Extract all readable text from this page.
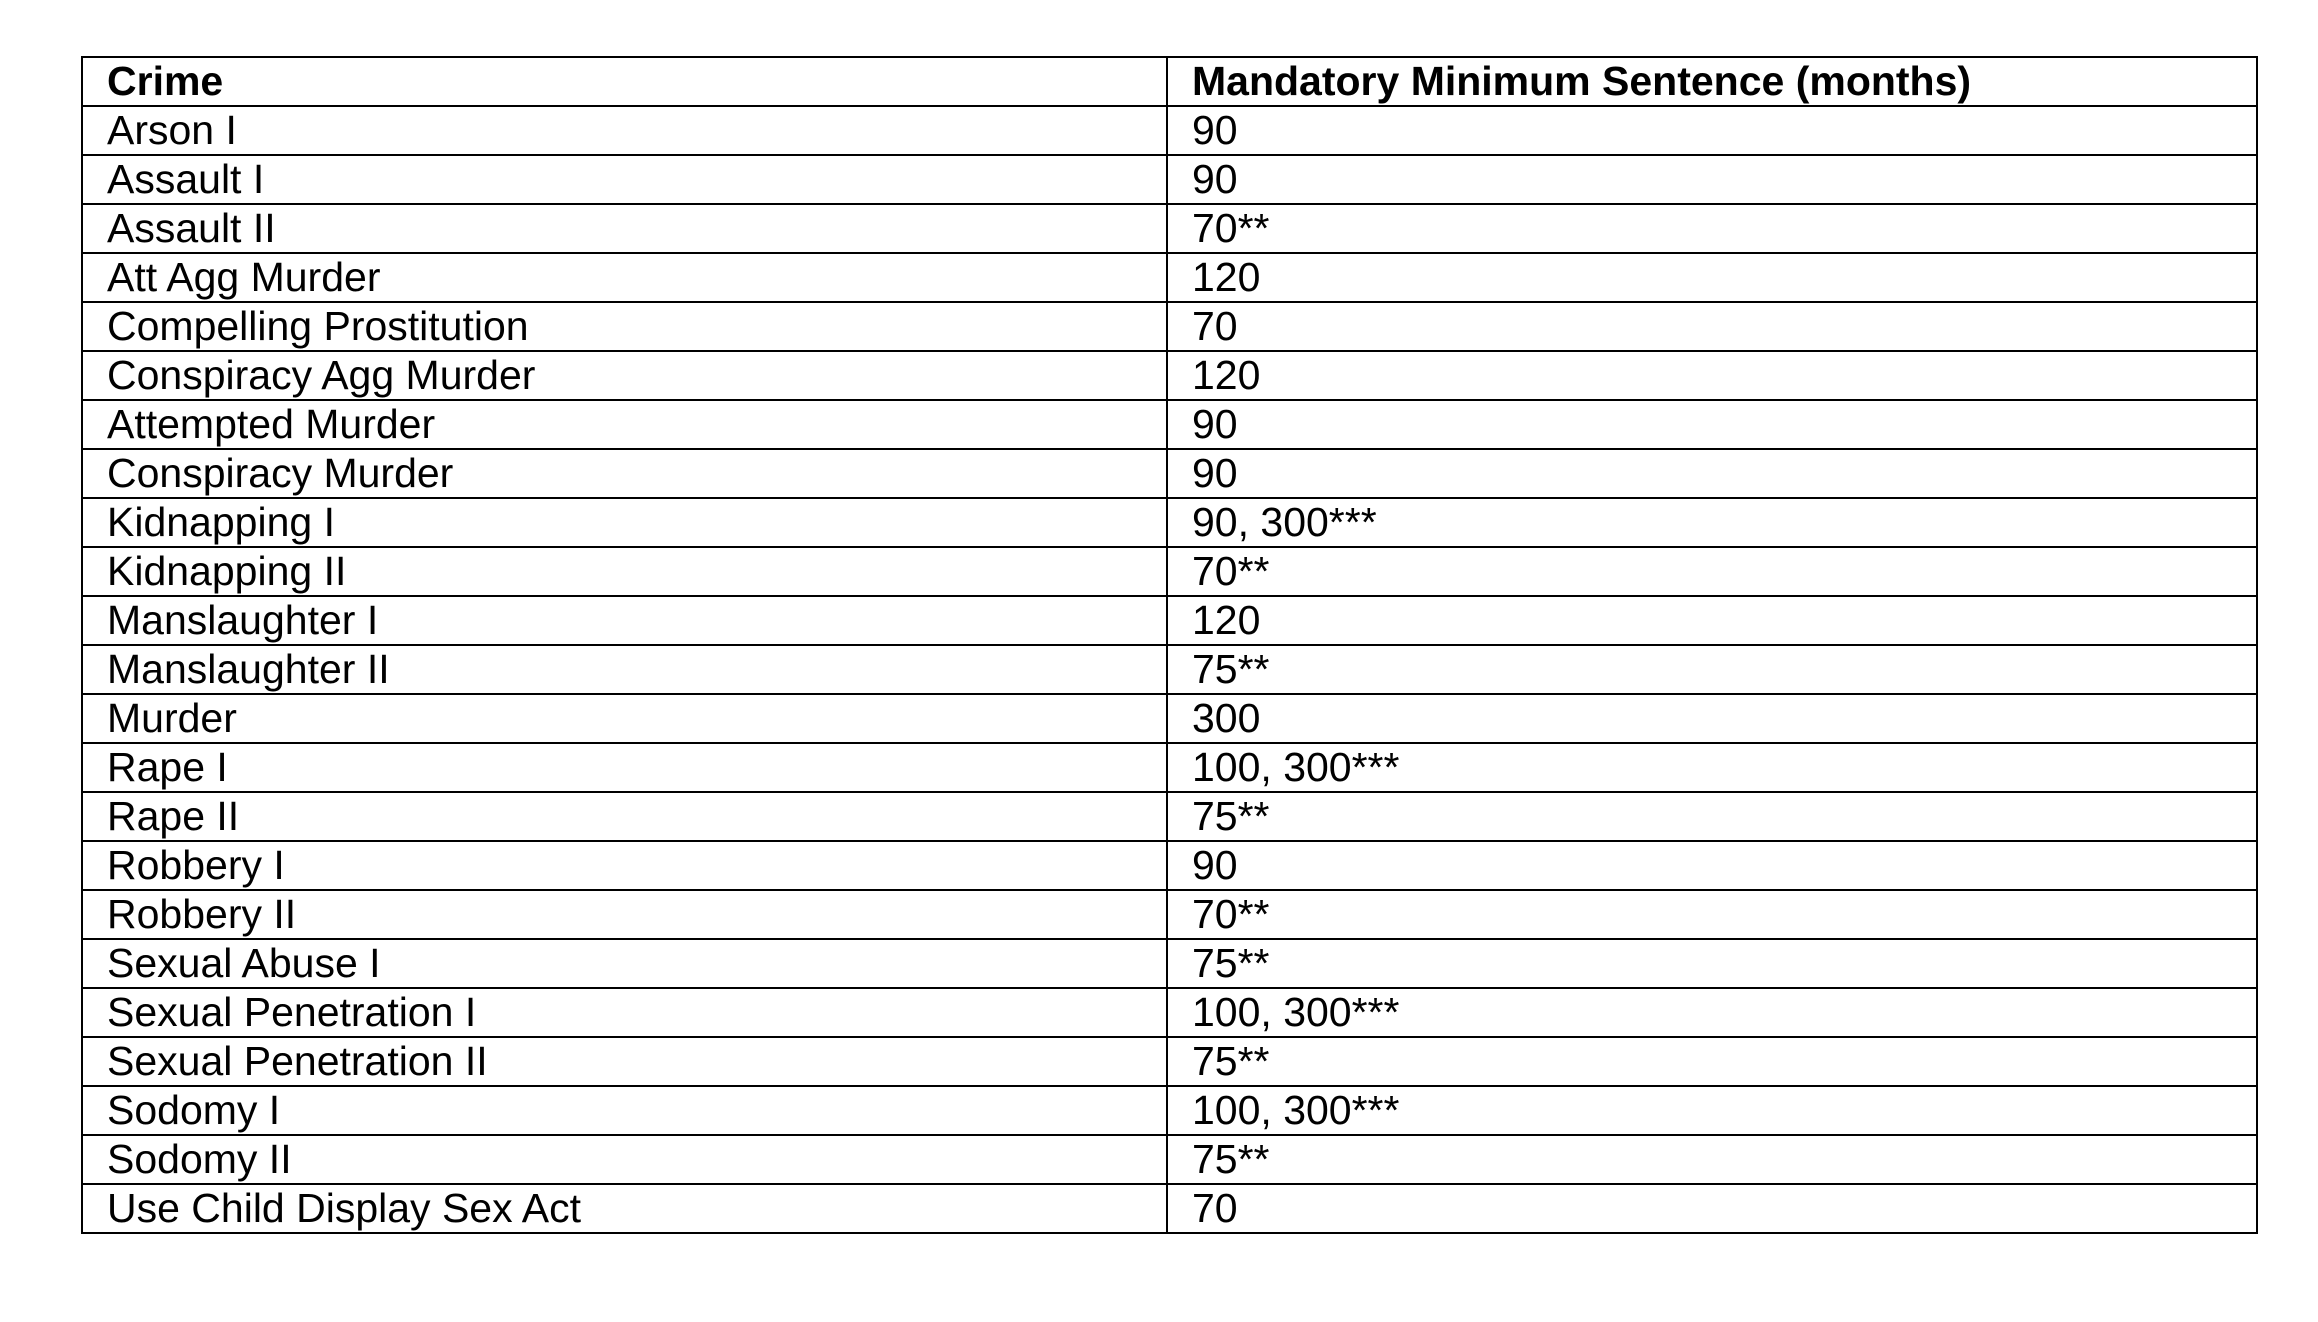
Crime	Mandatory Minimum Sentence (months)
Arson I	90
Assault I	90
Assault II	70**
Att Agg Murder	120
Compelling Prostitution	70
Conspiracy Agg Murder	120
Attempted Murder	90
Conspiracy Murder	90
Kidnapping I	90, 300***
Kidnapping II	70**
Manslaughter I	120
Manslaughter II	75**
Murder	300
Rape I	100, 300***
Rape II	75**
Robbery I	90
Robbery II	70**
Sexual Abuse I	75**
Sexual Penetration I	100, 300***
Sexual Penetration II	75**
Sodomy I	100, 300***
Sodomy II	75**
Use Child Display Sex Act	70
